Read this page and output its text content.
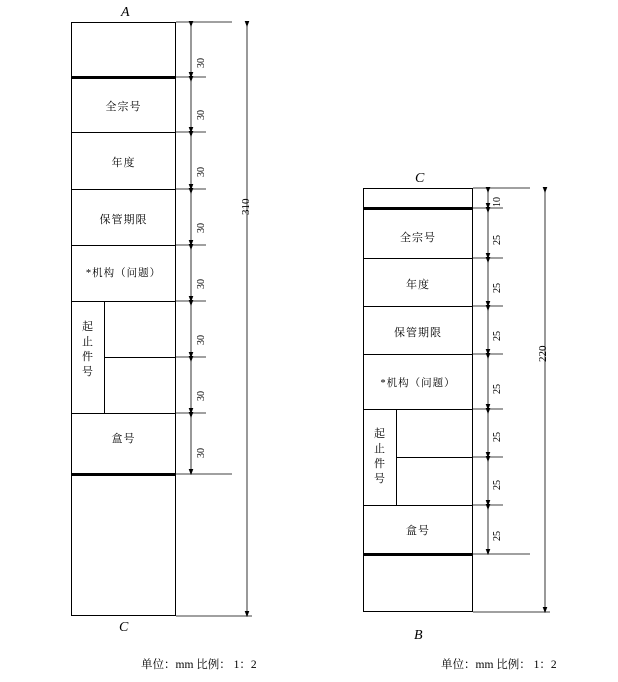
A
全宗号
年度
保管期限
*机构（问题）
盒号
起
止
件
号
C
30
30
30
30
30
30
30
30
310
单位：mm 比例： 1：2
C
全宗号
年度
保管期限
*机构（问题）
盒号
起
止
件
号
B
10
25
25
25
25
25
25
25
220
单位：mm 比例： 1：2
